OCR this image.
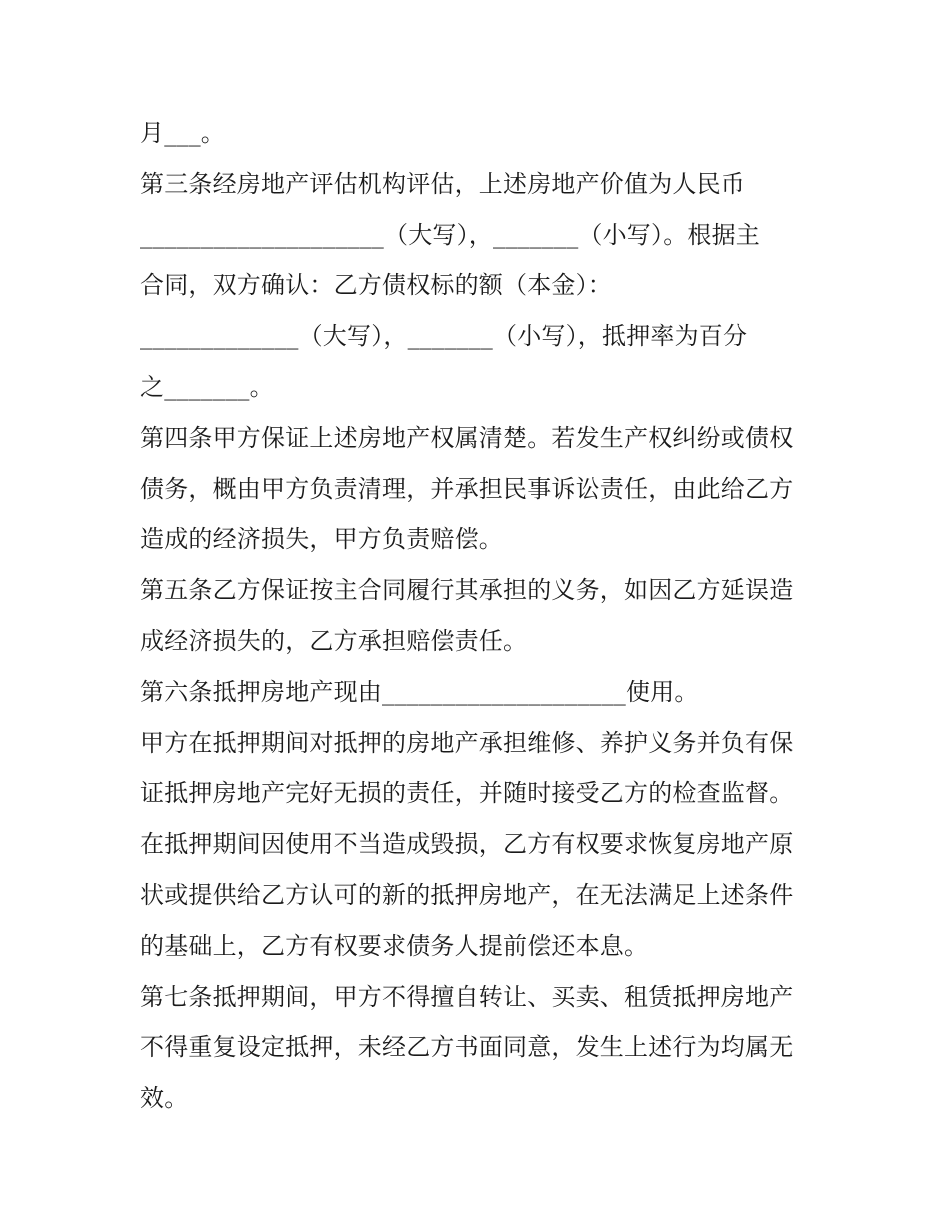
月___。
第三条经房地产评估机构评估，上述房地产价值为人民币
____________________（大写），_______（小写）。根据主
合同，双方确认：乙方债权标的额（本金）：
_____________（大写），_______（小写），抵押率为百分
之_______。
第四条甲方保证上述房地产权属清楚。若发生产权纠纷或债权
债务，概由甲方负责清理，并承担民事诉讼责任，由此给乙方
造成的经济损失，甲方负责赔偿。
第五条乙方保证按主合同履行其承担的义务，如因乙方延误造
成经济损失的，乙方承担赔偿责任。
第六条抵押房地产现由____________________使用。
甲方在抵押期间对抵押的房地产承担维修、养护义务并负有保
证抵押房地产完好无损的责任，并随时接受乙方的检查监督。
在抵押期间因使用不当造成毁损，乙方有权要求恢复房地产原
状或提供给乙方认可的新的抵押房地产，在无法满足上述条件
的基础上，乙方有权要求债务人提前偿还本息。
第七条抵押期间，甲方不得擅自转让、买卖、租赁抵押房地产
不得重复设定抵押，未经乙方书面同意，发生上述行为均属无
效。
